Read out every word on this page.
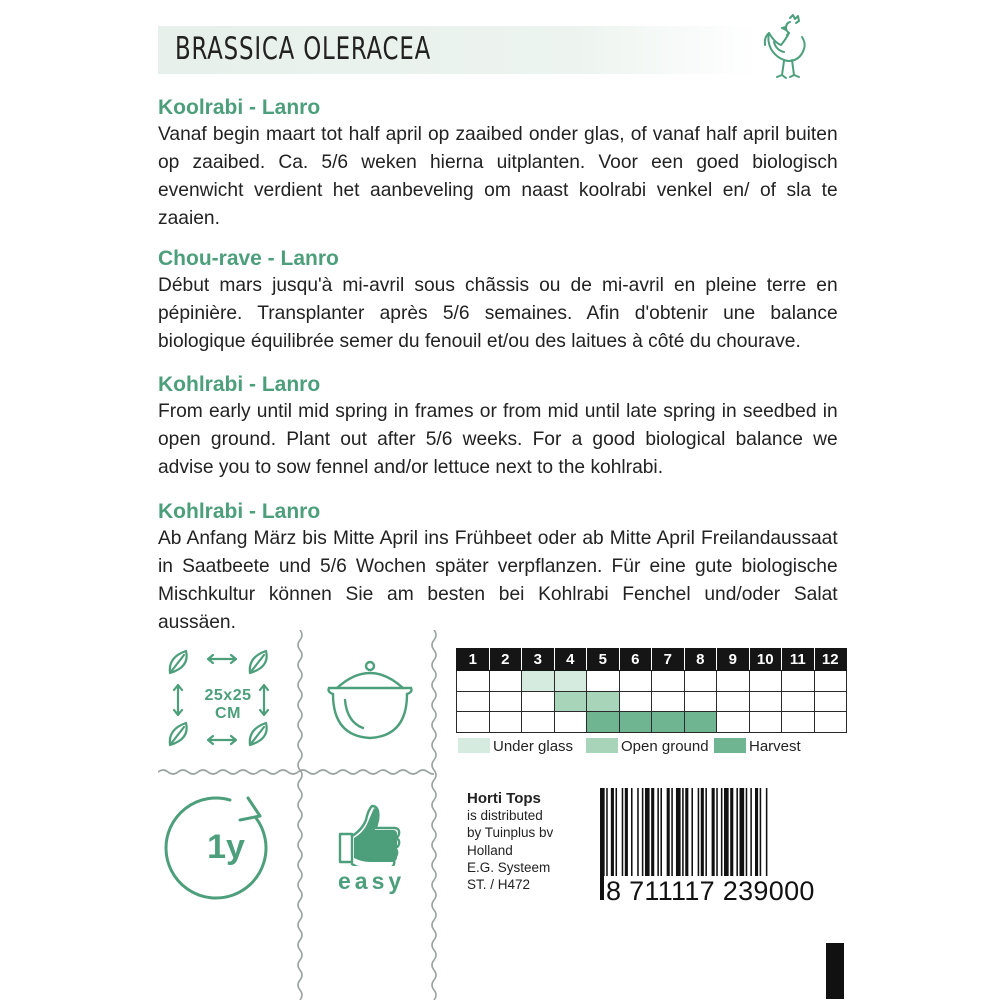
BRASSICA OLERACEA
Koolrabi - Lanro
Vanaf begin maart tot half april op zaaibed onder glas, of vanaf half april buiten op zaaibed. Ca. 5/6 weken hierna uitplanten. Voor een goed biologisch evenwicht verdient het aanbeveling om naast koolrabi venkel en/ of sla te zaaien.
Chou-rave - Lanro
Début mars jusqu'à mi-avril sous chãssis ou de mi-avril en pleine terre en pépinière. Transplanter après 5/6 semaines. Afin d'obtenir une balance biologique équilibrée semer du fenouil et/ou des laitues à côté du chourave.
Kohlrabi - Lanro
From early until mid spring in frames or from mid until late spring in seedbed in open ground. Plant out after 5/6 weeks. For a good biological balance we advise you to sow fennel and/or lettuce next to the kohlrabi.
Kohlrabi - Lanro
Ab Anfang März bis Mitte April ins Frühbeet oder ab Mitte April Freilandaussaat in Saatbeete und 5/6 Wochen später verpflanzen. Für eine gute biologische Mischkultur können Sie am besten bei Kohlrabi Fenchel und/oder Salat aussäen.
25x25
CM
1y
easy
1	2	3	4	5	6	7	8	9	10	11	12

Under glass	Open ground	Harvest
Horti Tops
is distributed
by Tuinplus bv
Holland
E.G. Systeem
ST. / H472	8 711117 239000
